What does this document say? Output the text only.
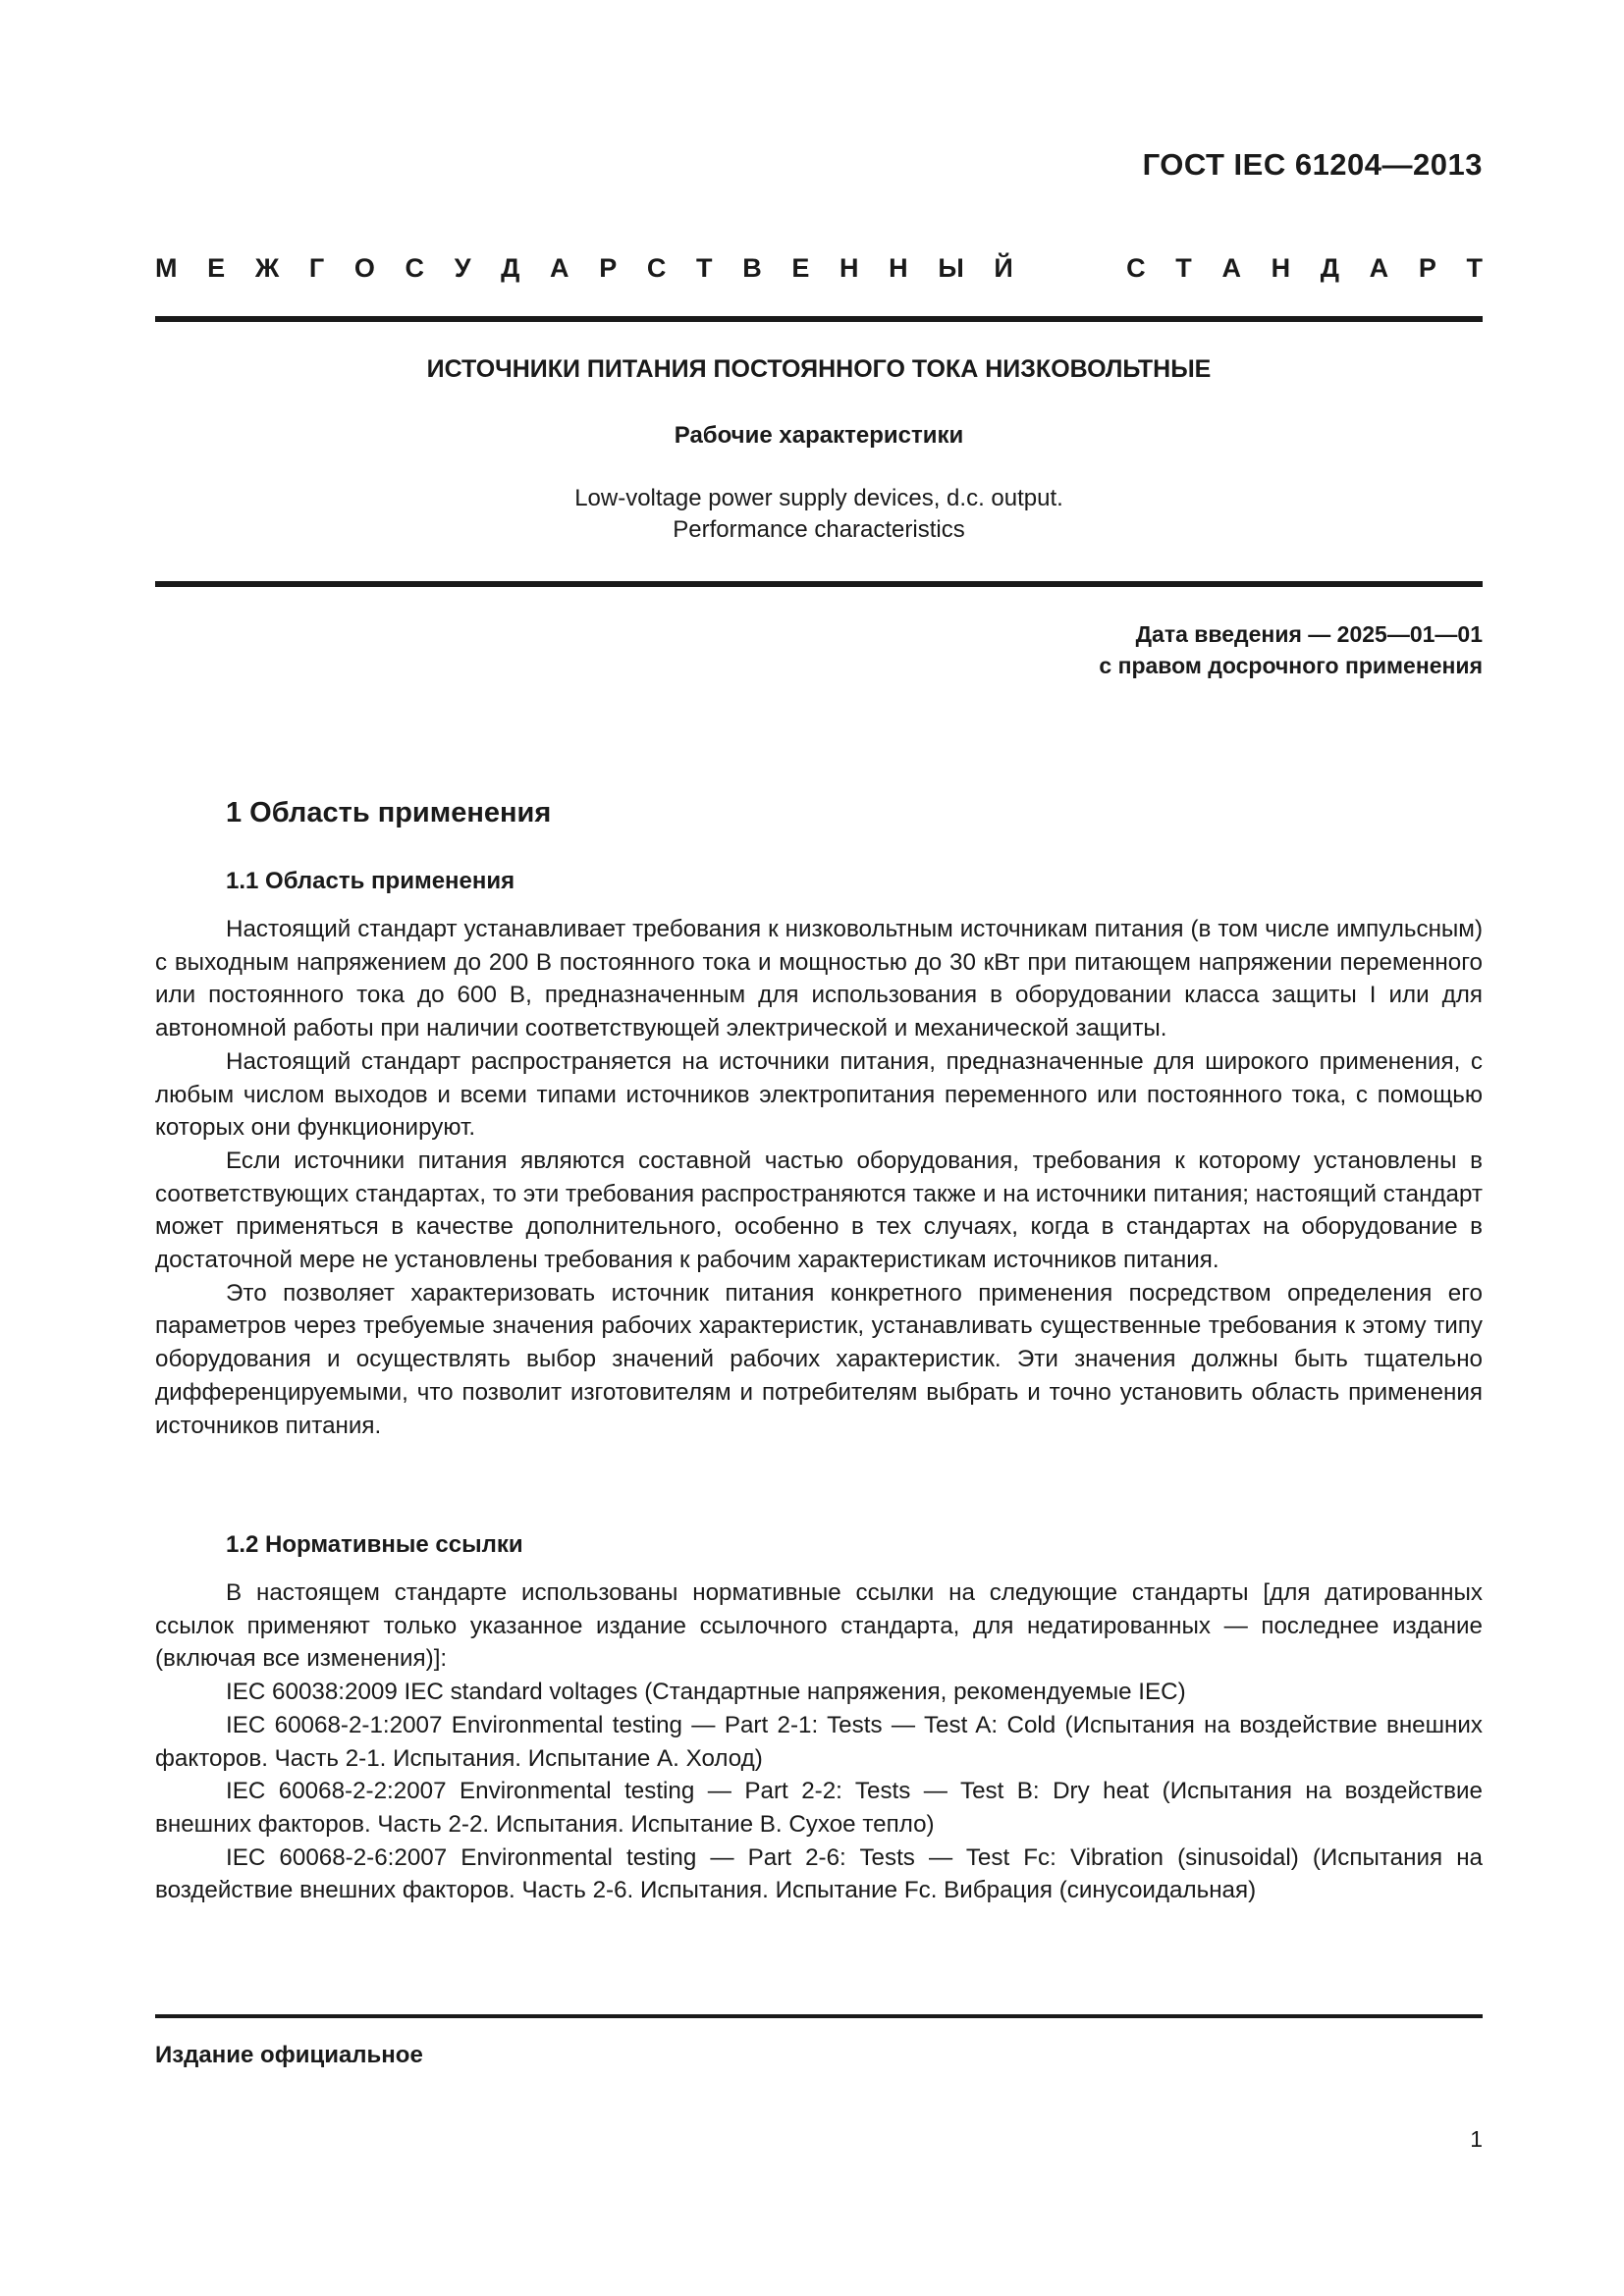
ГОСТ IEC 61204—2013
М Е Ж Г О С У Д А Р С Т В Е Н Н Ы Й	С Т А Н Д А Р Т
ИСТОЧНИКИ ПИТАНИЯ ПОСТОЯННОГО ТОКА НИЗКОВОЛЬТНЫЕ
Рабочие характеристики
Low-voltage power supply devices, d.c. output.
Performance characteristics
Дата введения — 2025—01—01
с правом досрочного применения
1 Область применения
1.1 Область применения

Настоящий стандарт устанавливает требования к низковольтным источникам питания (в том числе импульсным) с выходным напряжением до 200 В постоянного тока и мощностью до 30 кВт при питающем напряжении переменного или постоянного тока до 600 В, предназначенным для использования в оборудовании класса защиты I или для автономной работы при наличии соответствующей электрической и механической защиты.

Настоящий стандарт распространяется на источники питания, предназначенные для широкого применения, с любым числом выходов и всеми типами источников электропитания переменного или постоянного тока, с помощью которых они функционируют.

Если источники питания являются составной частью оборудования, требования к которому установлены в соответствующих стандартах, то эти требования распространяются также и на источники питания; настоящий стандарт может применяться в качестве дополнительного, особенно в тех случаях, когда в стандартах на оборудование в достаточной мере не установлены требования к рабочим характеристикам источников питания.

Это позволяет характеризовать источник питания конкретного применения посредством определения его параметров через требуемые значения рабочих характеристик, устанавливать существенные требования к этому типу оборудования и осуществлять выбор значений рабочих характеристик. Эти значения должны быть тщательно дифференцируемыми, что позволит изготовителям и потребителям выбрать и точно установить область применения источников питания.

1.2 Нормативные ссылки

В настоящем стандарте использованы нормативные ссылки на следующие стандарты [для датированных ссылок применяют только указанное издание ссылочного стандарта, для недатированных — последнее издание (включая все изменения)]:

IEC 60038:2009 IEC standard voltages (Стандартные напряжения, рекомендуемые IEC)

IEC 60068-2-1:2007 Environmental testing — Part 2-1: Tests — Test A: Cold (Испытания на воздействие внешних факторов. Часть 2-1. Испытания. Испытание A. Холод)

IEC 60068-2-2:2007 Environmental testing — Part 2-2: Tests — Test B: Dry heat (Испытания на воздействие внешних факторов. Часть 2-2. Испытания. Испытание B. Сухое тепло)

IEC 60068-2-6:2007 Environmental testing — Part 2-6: Tests — Test Fc: Vibration (sinusoidal) (Испытания на воздействие внешних факторов. Часть 2-6. Испытания. Испытание Fc. Вибрация (синусоидальная)

Издание официальное
1
